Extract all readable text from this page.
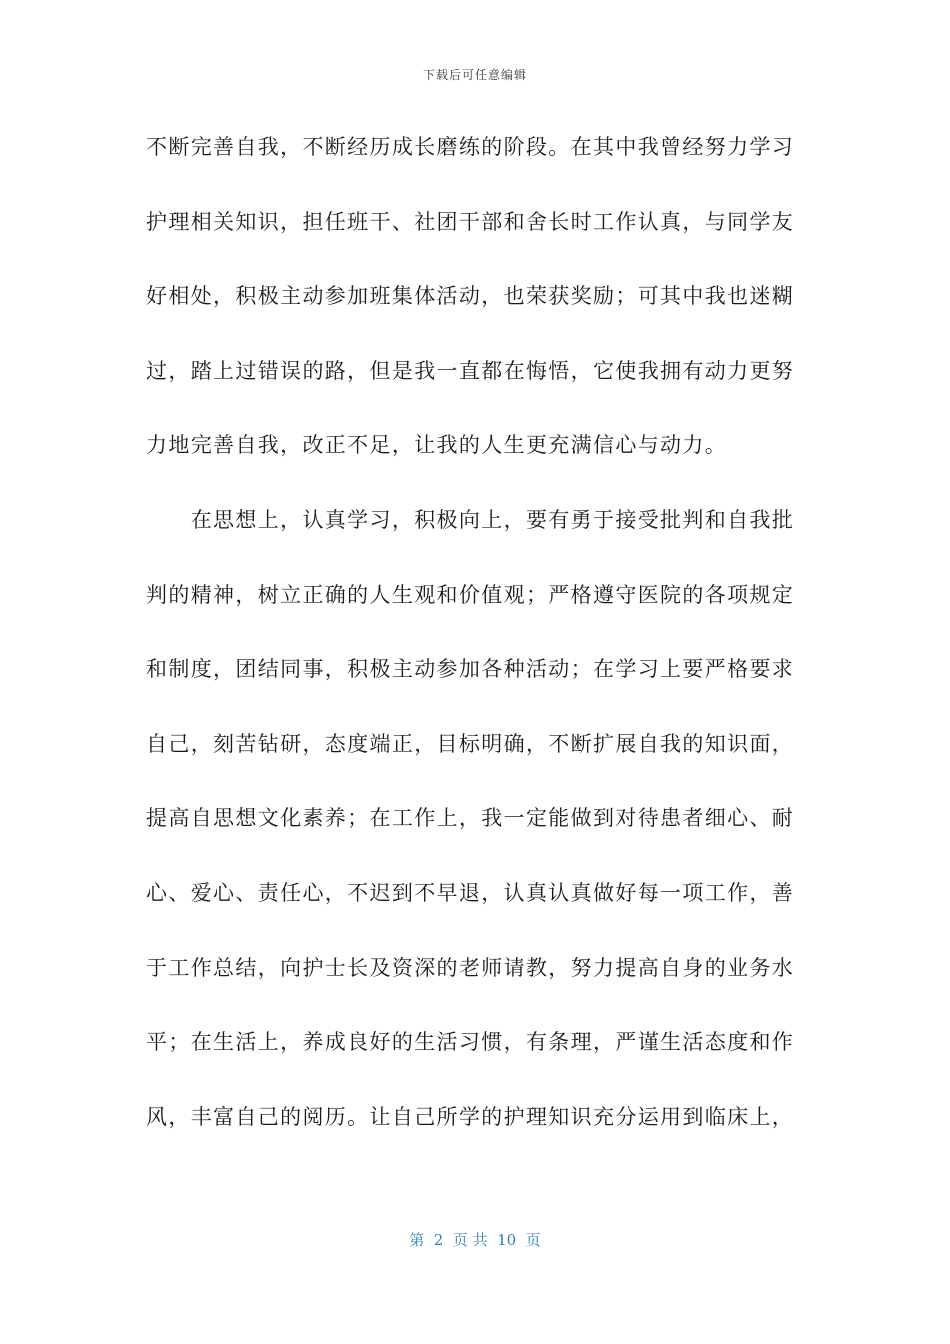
下载后可任意编辑
不断完善自我，不断经历成长磨练的阶段。在其中我曾经努力学习
护理相关知识，担任班干、社团干部和舍长时工作认真，与同学友
好相处，积极主动参加班集体活动，也荣获奖励；可其中我也迷糊
过，踏上过错误的路，但是我一直都在悔悟，它使我拥有动力更努
力地完善自我，改正不足，让我的人生更充满信心与动力。
　　在思想上，认真学习，积极向上，要有勇于接受批判和自我批
判的精神，树立正确的人生观和价值观；严格遵守医院的各项规定
和制度，团结同事，积极主动参加各种活动；在学习上要严格要求
自己，刻苦钻研，态度端正，目标明确，不断扩展自我的知识面，
提高自思想文化素养；在工作上，我一定能做到对待患者细心、耐
心、爱心、责任心，不迟到不早退，认真认真做好每一项工作，善
于工作总结，向护士长及资深的老师请教，努力提高自身的业务水
平；在生活上，养成良好的生活习惯，有条理，严谨生活态度和作
风，丰富自己的阅历。让自己所学的护理知识充分运用到临床上，
第  2  页 共  10  页
